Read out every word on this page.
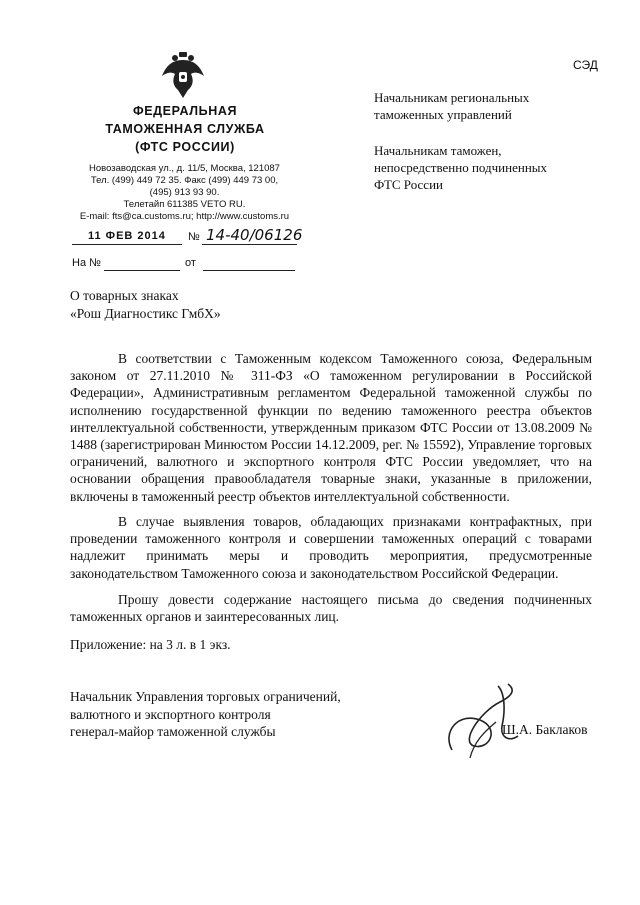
ФЕДЕРАЛЬНАЯ
ТАМОЖЕННАЯ СЛУЖБА
(ФТС РОССИИ)
Новозаводская ул., д. 11/5, Москва, 121087
Тел. (499) 449 72 35. Факс (499) 449 73 00,
(495) 913 93 90.
Телетайп 611385 VETO RU.
E-mail: fts@ca.customs.ru; http://www.customs.ru
11 ФЕВ 2014 № 14-40/06126
На №	от
СЭД
Начальникам региональных
таможенных управлений
Начальникам таможен,
непосредственно подчиненных
ФТС России
О товарных знаках
«Рош Диагностикс ГмбХ»

В соответствии с Таможенным кодексом Таможенного союза, Федеральным законом от 27.11.2010 № 311-ФЗ «О таможенном регулировании в Российской Федерации», Административным регламентом Федеральной таможенной службы по исполнению государственной функции по ведению таможенного реестра объектов интеллектуальной собственности, утвержденным приказом ФТС России от 13.08.2009 № 1488 (зарегистрирован Минюстом России 14.12.2009, рег. № 15592), Управление торговых ограничений, валютного и экспортного контроля ФТС России уведомляет, что на основании обращения правообладателя товарные знаки, указанные в приложении, включены в таможенный реестр объектов интеллектуальной собственности.

В случае выявления товаров, обладающих признаками контрафактных, при проведении таможенного контроля и совершении таможенных операций с товарами надлежит принимать меры и проводить мероприятия, предусмотренные законодательством Таможенного союза и законодательством Российской Федерации.

Прошу довести содержание настоящего письма до сведения подчиненных таможенных органов и заинтересованных лиц.

Приложение: на 3 л. в 1 экз.
Начальник Управления торговых ограничений,
валютного и экспортного контроля
генерал-майор таможенной службы	Ш.А. Баклаков
